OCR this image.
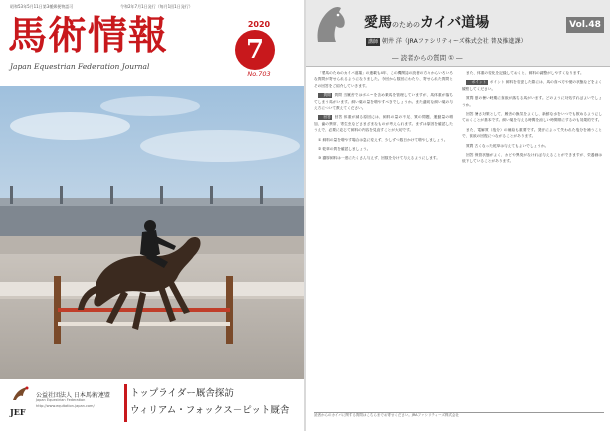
昭和53年5月11日第3種郵便物認可	令和2年7月1日発行（毎月1回1日発行）
馬術情報
Japan Equestrian Federation Journal
2020
7
No.703
JEF
公益社団法人 日本馬術連盟
Japan Equestrian Federation
http://www.equitation-japan.com/
トップライダー厩舎探訪
ウィリアム・フォックス－ピット厩舎
愛馬のためのカイバ道場	Vol.48
講師 朝井 洋（JRAファシリティーズ株式会社 普及推進課）
― 読者からの質問 ① ―

「愛馬のためのカイバ道場」の連載も4年、この機関誌の読者の方々からいろいろな質問が寄せられるようになりました。今回から数回にわたり、寄せられた質問とその回答をご紹介していきます。

質問 質問 当厩舎ではポニーを含め乗馬を管理していますが、馬体重が落ちてしまう馬がいます。飼い葉の量を増やすべきでしょうか。また適切な飼い葉の与え方について教えてください。

回答 回答 体重が減る原因には、飼料の量の不足、質の問題、運動量の増加、歯の異常、寄生虫などさまざまなものが考えられます。まずは原因を確認したうえで、必要に応じて飼料の内容を見直すことが大切です。

① 飼料の量を増やす場合は急に変えず、少しずつ数日かけて増やしましょう。

② 乾草の質を確認しましょう。

③ 濃厚飼料は一度にたくさん与えず、回数を分けて与えるようにします。

また、体重の変化を記録しておくと、飼料の調整がしやすくなります。

ポイント ポイント 飼料を変更した際には、馬の食べ方や便の状態などをよく観察してください。

質問 夏の暑い時期に食欲が落ちる馬がいます。どのように対処すればよいでしょうか。

回答 暑さ対策として、厩舎の換気をよくし、新鮮な水をいつでも飲めるようにしておくことが基本です。飼い葉を与える時間を涼しい時間帯にするのも効果的です。

また、電解質（塩分）の補給も重要です。発汗によって失われた塩分を補うことで、食欲の回復につながることがあります。

質問 古くなった乾草は与えてもよいでしょうか。

回答 保管状態がよく、カビや異臭がなければ与えることができますが、栄養価は低下していることがあります。

読者からのカイバに関する質問はこちらまでお寄せください。JRAファシリティーズ株式会社
